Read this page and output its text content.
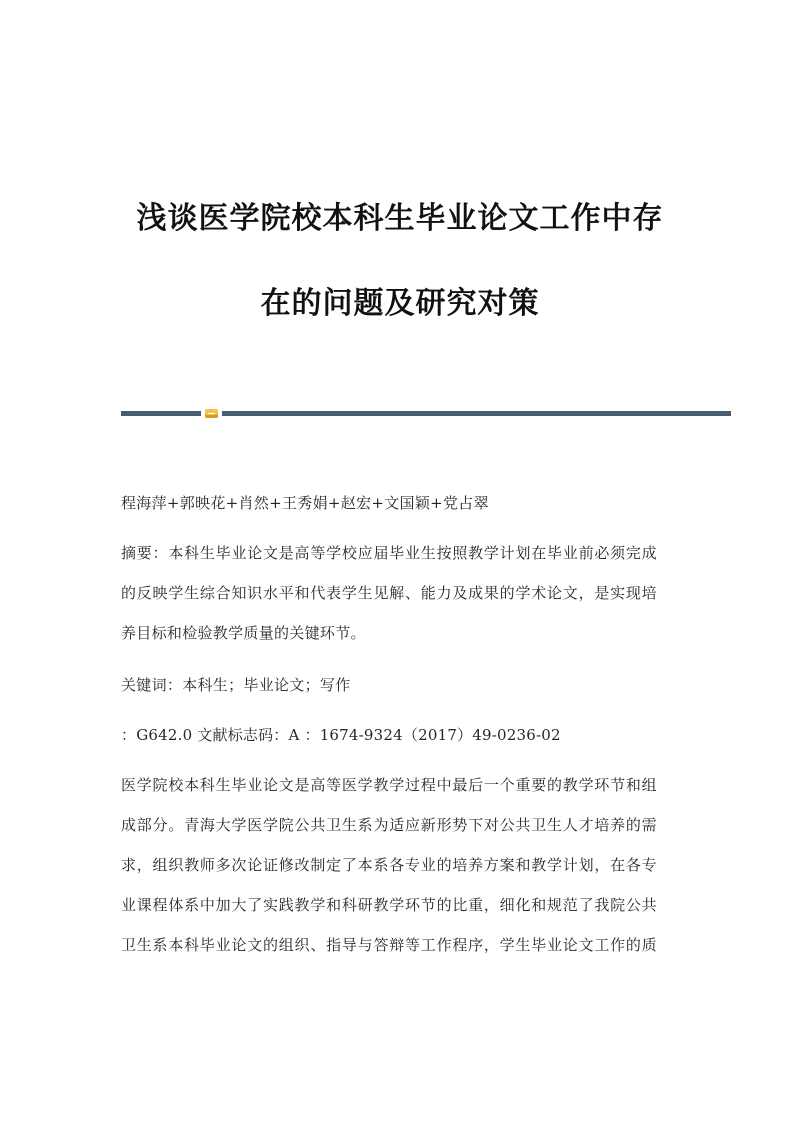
浅谈医学院校本科生毕业论文工作中存
在的问题及研究对策
程海萍+郭映花+肖然+王秀娟+赵宏+文国颖+党占翠
摘要：本科生毕业论文是高等学校应届毕业生按照教学计划在毕业前必须完成
的反映学生综合知识水平和代表学生见解、能力及成果的学术论文，是实现培
养目标和检验教学质量的关键环节。
关键词：本科生；毕业论文；写作
：G642.0 文献标志码：A ：1674-9324（2017）49-0236-02
医学院校本科生毕业论文是高等医学教学过程中最后一个重要的教学环节和组
成部分。青海大学医学院公共卫生系为适应新形势下对公共卫生人才培养的需
求，组织教师多次论证修改制定了本系各专业的培养方案和教学计划，在各专
业课程体系中加大了实践教学和科研教学环节的比重，细化和规范了我院公共
卫生系本科毕业论文的组织、指导与答辩等工作程序，学生毕业论文工作的质
